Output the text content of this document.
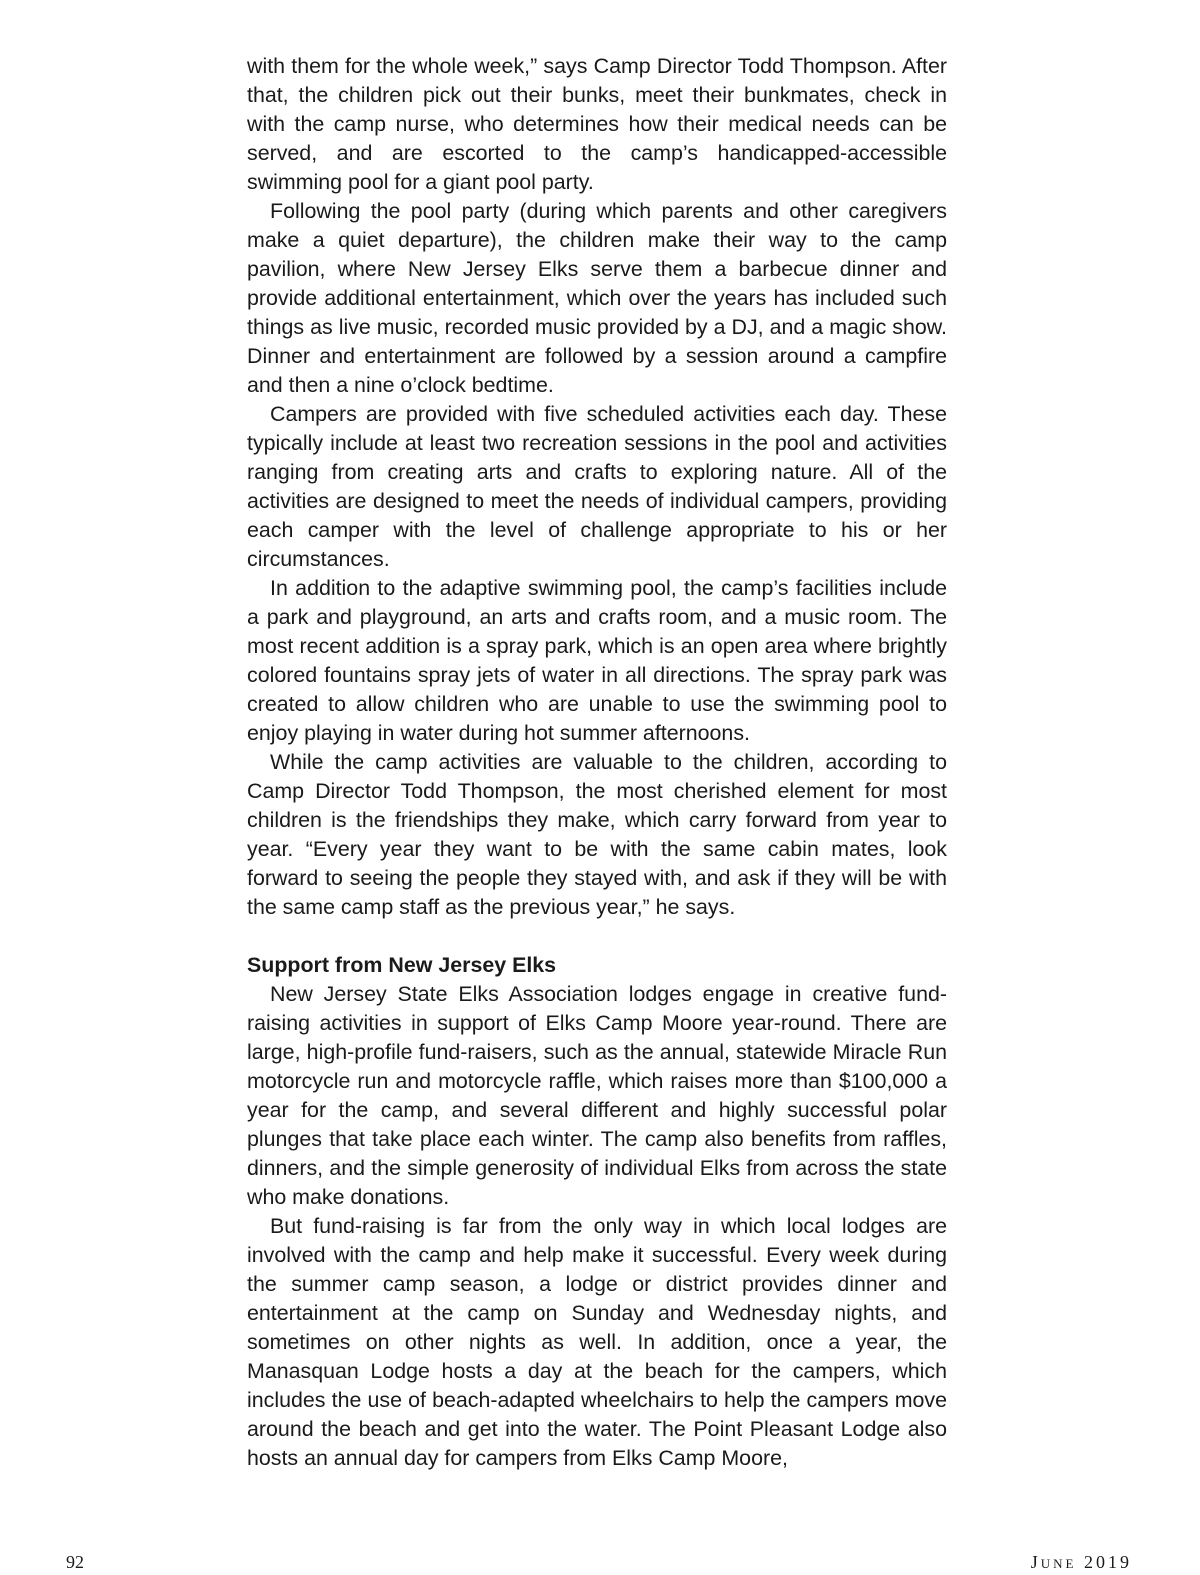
with them for the whole week,” says Camp Director Todd Thompson. After that, the children pick out their bunks, meet their bunkmates, check in with the camp nurse, who determines how their medical needs can be served, and are escorted to the camp’s handicapped-accessible swimming pool for a giant pool party.

Following the pool party (during which parents and other caregivers make a quiet departure), the children make their way to the camp pavilion, where New Jersey Elks serve them a barbecue dinner and provide additional entertainment, which over the years has included such things as live music, recorded music provided by a DJ, and a magic show. Dinner and entertainment are followed by a session around a campfire and then a nine o’clock bedtime.

Campers are provided with five scheduled activities each day. These typically include at least two recreation sessions in the pool and activities ranging from creating arts and crafts to exploring nature. All of the activities are designed to meet the needs of individual campers, providing each camper with the level of challenge appropriate to his or her circumstances.

In addition to the adaptive swimming pool, the camp’s facilities include a park and playground, an arts and crafts room, and a music room. The most recent addition is a spray park, which is an open area where brightly colored fountains spray jets of water in all directions. The spray park was created to allow children who are unable to use the swimming pool to enjoy playing in water during hot summer afternoons.

While the camp activities are valuable to the children, according to Camp Director Todd Thompson, the most cherished element for most children is the friendships they make, which carry forward from year to year. “Every year they want to be with the same cabin mates, look forward to seeing the people they stayed with, and ask if they will be with the same camp staff as the previous year,” he says.

Support from New Jersey Elks

New Jersey State Elks Association lodges engage in creative fund-raising activities in support of Elks Camp Moore year-round. There are large, high-profile fund-raisers, such as the annual, statewide Miracle Run motorcycle run and motorcycle raffle, which raises more than $100,000 a year for the camp, and several different and highly successful polar plunges that take place each winter. The camp also benefits from raffles, dinners, and the simple generosity of individual Elks from across the state who make donations.

But fund-raising is far from the only way in which local lodges are involved with the camp and help make it successful. Every week during the summer camp season, a lodge or district provides dinner and entertainment at the camp on Sunday and Wednesday nights, and sometimes on other nights as well. In addition, once a year, the Manasquan Lodge hosts a day at the beach for the campers, which includes the use of beach-adapted wheelchairs to help the campers move around the beach and get into the water. The Point Pleasant Lodge also hosts an annual day for campers from Elks Camp Moore,

92	June 2019
